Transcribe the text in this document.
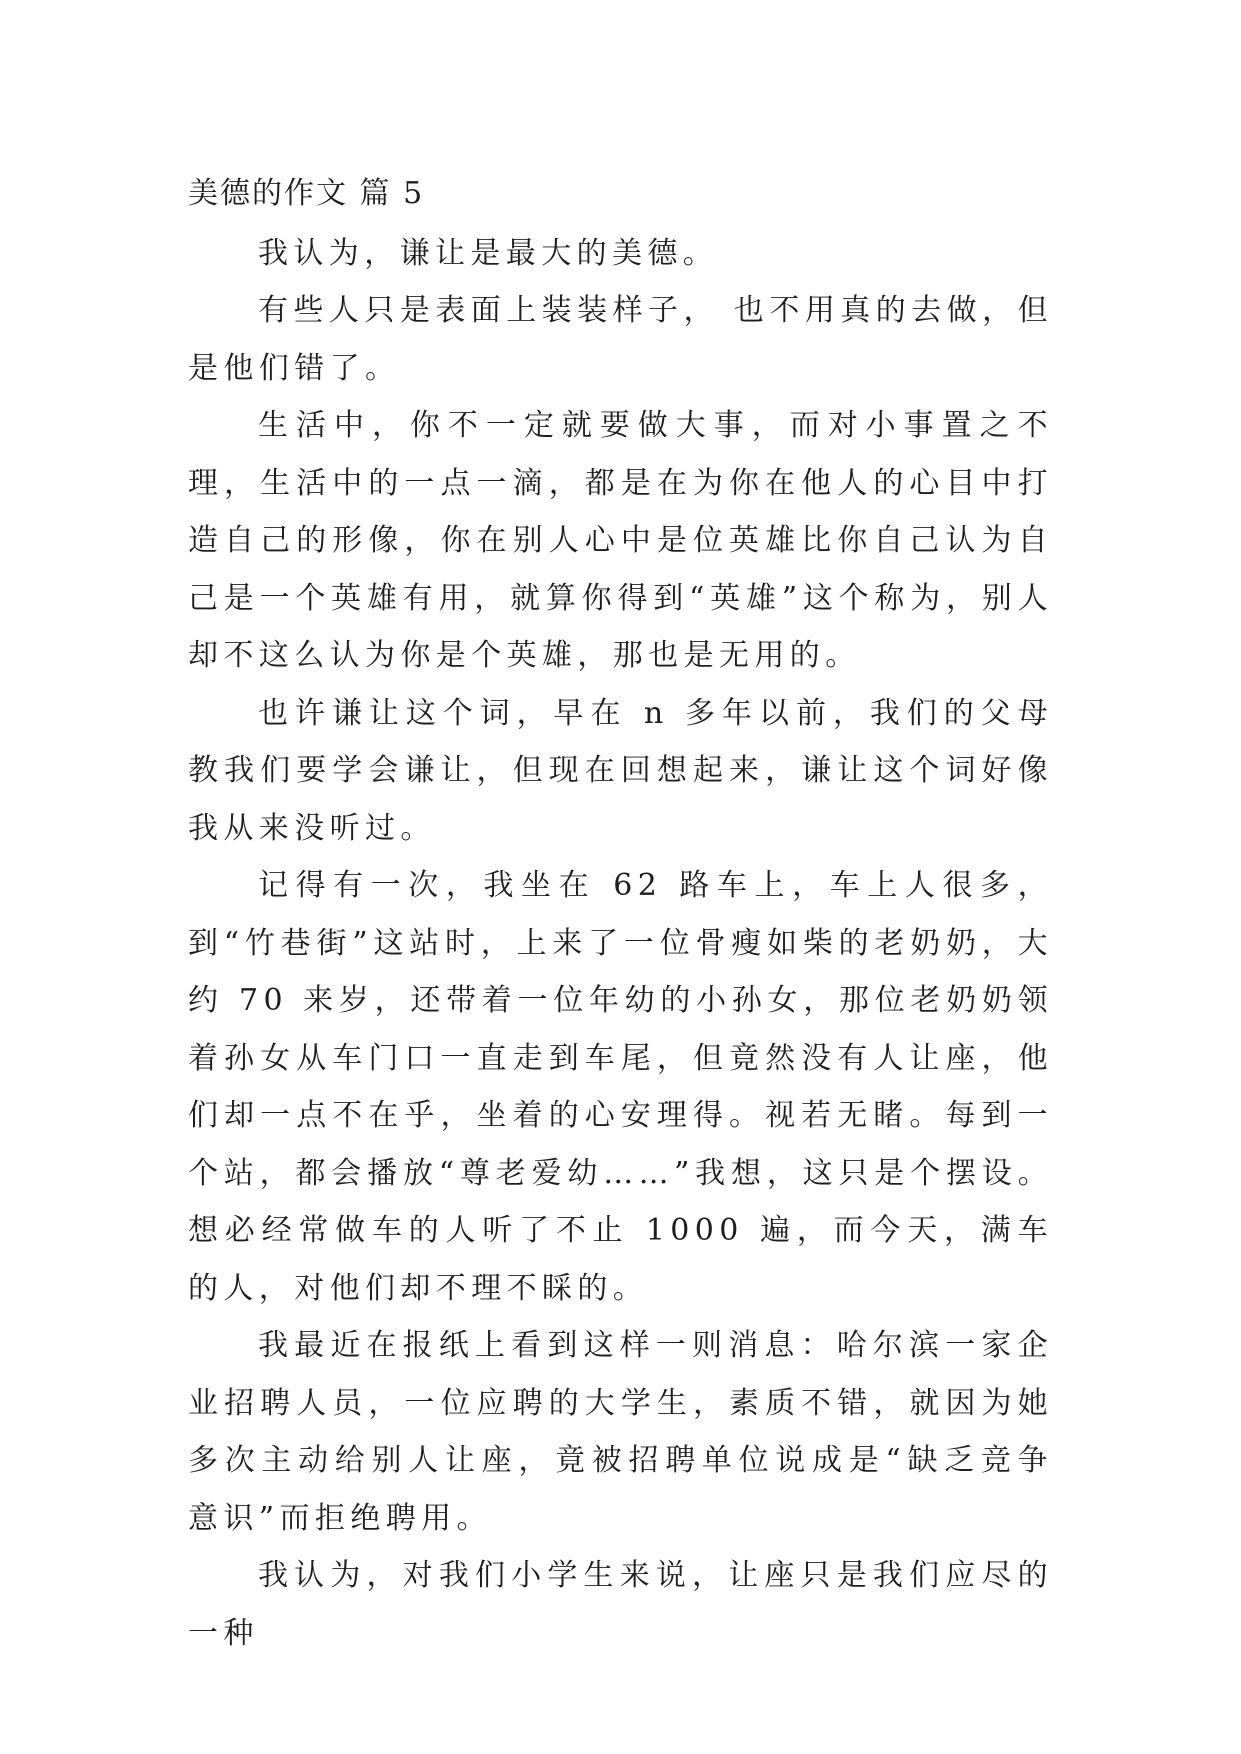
美德的作文 篇 5

我认为，谦让是最大的美德。

有些人只是表面上装装样子， 也不用真的去做，但是他们错了。

生活中，你不一定就要做大事，而对小事置之不理，生活中的一点一滴，都是在为你在他人的心目中打造自己的形像，你在别人心中是位英雄比你自己认为自己是一个英雄有用，就算你得到“英雄”这个称为，别人却不这么认为你是个英雄，那也是无用的。

也许谦让这个词，早在 n 多年以前，我们的父母教我们要学会谦让，但现在回想起来，谦让这个词好像我从来没听过。

记得有一次，我坐在 62 路车上，车上人很多，到“竹巷街”这站时，上来了一位骨瘦如柴的老奶奶，大约 70 来岁，还带着一位年幼的小孙女，那位老奶奶领着孙女从车门口一直走到车尾，但竟然没有人让座，他们却一点不在乎，坐着的心安理得。视若无睹。每到一个站，都会播放“尊老爱幼……”我想，这只是个摆设。想必经常做车的人听了不止 1000 遍，而今天，满车的人，对他们却不理不睬的。

我最近在报纸上看到这样一则消息：哈尔滨一家企业招聘人员，一位应聘的大学生，素质不错，就因为她多次主动给别人让座，竟被招聘单位说成是“缺乏竞争意识”而拒绝聘用。

我认为，对我们小学生来说，让座只是我们应尽的一种
